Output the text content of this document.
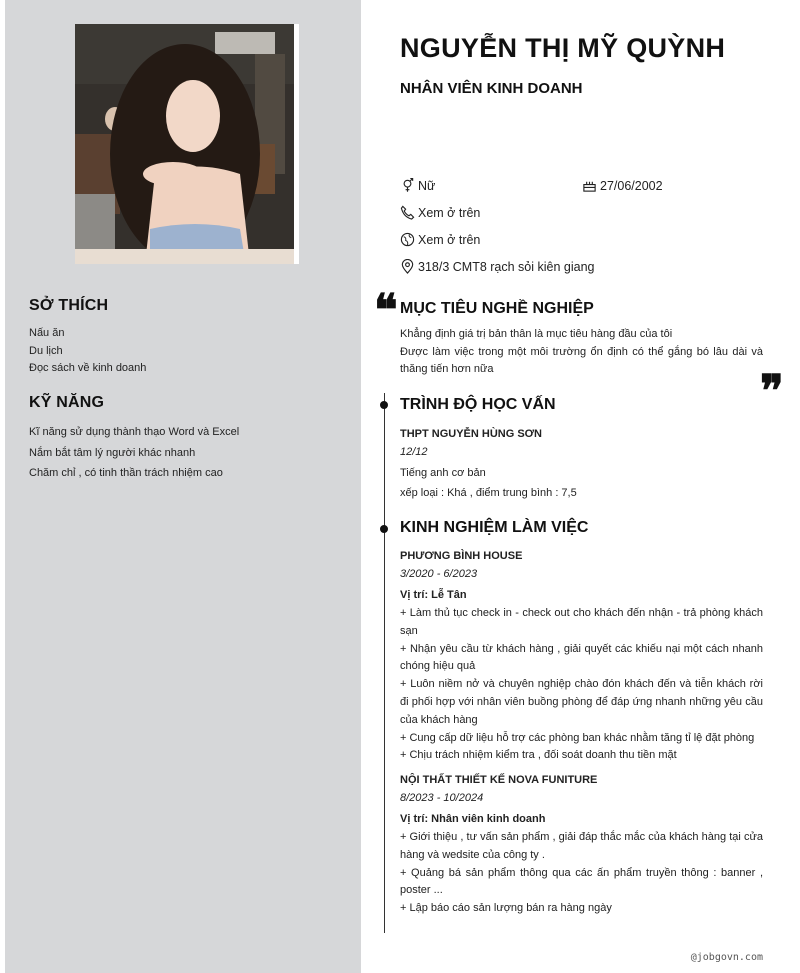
SỞ THÍCH
Nấu ăn
Du lịch
Đọc sách về kinh doanh
KỸ NĂNG
Kĩ năng sử dụng thành thạo Word và Excel
Nắm bắt tâm lý người khác nhanh
Chăm chỉ , có tinh thần trách nhiệm cao
NGUYỄN THỊ MỸ QUỲNH
NHÂN VIÊN KINH DOANH
Nữ	27/06/2002
Xem ở trên
Xem ở trên
318/3 CMT8 rạch sỏi kiên giang
❝ MỤC TIÊU NGHỀ NGHIỆP
Khẳng định giá trị bản thân là mục tiêu hàng đầu của tôi
Được làm việc trong một môi trường ổn định có thể gắng bó lâu dài và thăng tiến hơn nữa	❞
TRÌNH ĐỘ HỌC VẤN
THPT NGUYỄN HÙNG SƠN
12/12
Tiếng anh cơ bản
xếp loại : Khá , điểm trung bình : 7,5
KINH NGHIỆM LÀM VIỆC
PHƯƠNG BÌNH HOUSE
3/2020 - 6/2023
Vị trí: Lễ Tân
+ Làm thủ tục check in - check out cho khách đến nhận - trả phòng khách sạn
+ Nhận yêu cầu từ khách hàng , giải quyết các khiếu nại một cách nhanh chóng hiệu quả
+ Luôn niềm nở và chuyên nghiệp chào đón khách đến và tiễn khách rời đi phối hợp với nhân viên buồng phòng để đáp ứng nhanh những yêu cầu của khách hàng
+ Cung cấp dữ liệu hỗ trợ các phòng ban khác nhằm tăng tỉ lệ đặt phòng
+ Chịu trách nhiệm kiểm tra , đối soát doanh thu tiền mặt
NỘI THẤT THIẾT KẾ NOVA FUNITURE
8/2023 - 10/2024
Vị trí: Nhân viên kinh doanh
+ Giới thiệu , tư vấn sản phẩm , giải đáp thắc mắc của khách hàng tại cửa hàng và wedsite của công ty .
+ Quảng bá sản phẩm thông qua các ấn phẩm truyền thông : banner , poster ...
+ Lập báo cáo sản lượng bán ra hàng ngày
@jobgovn.com
